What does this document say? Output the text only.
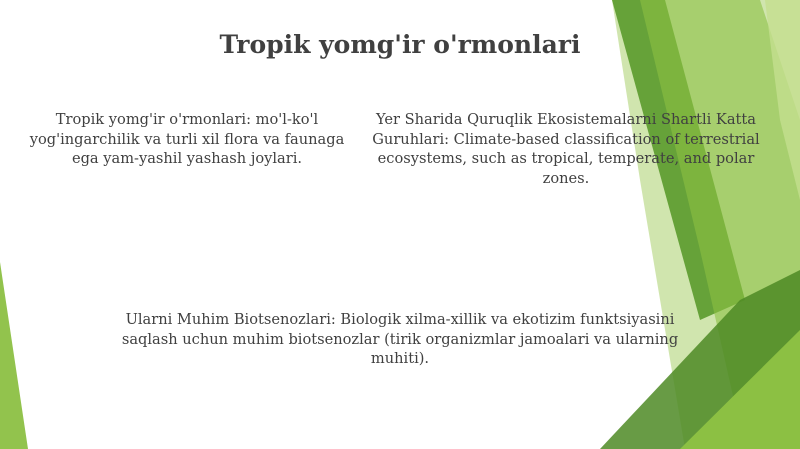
Tropik yomg'ir o'rmonlari
Tropik yomg'ir o'rmonlari: mo'l-ko'l yog'ingarchilik va turli xil flora va faunaga ega yam-yashil yashash joylari.
Yer Sharida Quruqlik Ekosistemalarni Shartli Katta Guruhlari: Climate-based classification of terrestrial ecosystems, such as tropical, temperate, and polar zones.
Ularni Muhim Biotsenozlari: Biologik xilma-xillik va ekotizim funktsiyasini saqlash uchun muhim biotsenozlar (tirik organizmlar jamoalari va ularning muhiti).
